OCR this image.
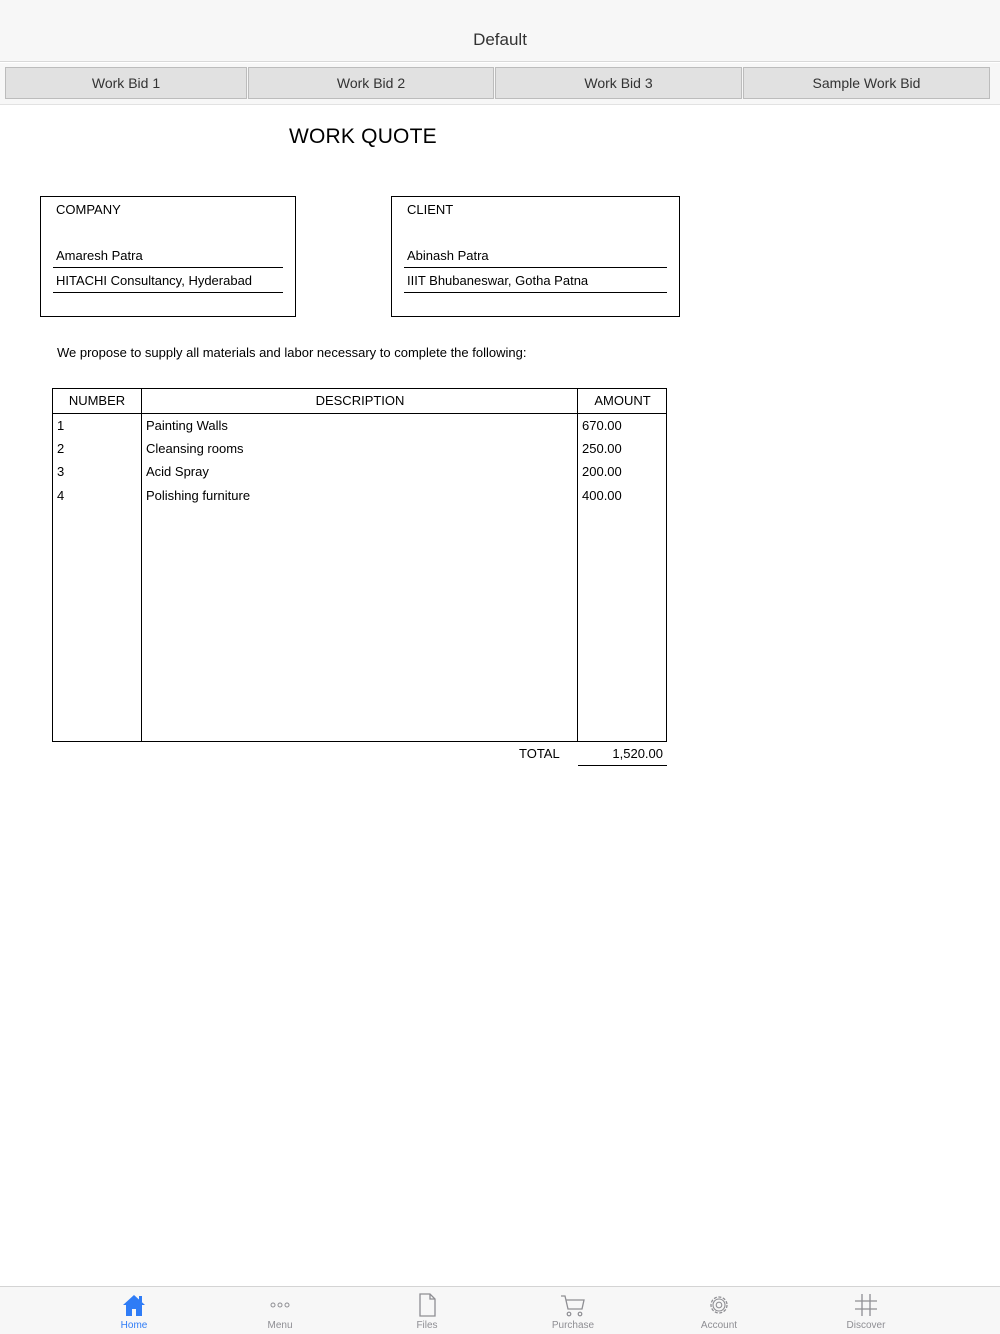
Default
Work Bid 1	Work Bid 2	Work Bid 3	Sample Work Bid
WORK QUOTE
COMPANY
Amaresh Patra
HITACHI Consultancy, Hyderabad
CLIENT
Abinash Patra
IIIT Bhubaneswar, Gotha Patna
We propose to supply all materials and labor necessary to complete the following:
NUMBER	DESCRIPTION	AMOUNT
1	Painting Walls	670.00
2	Cleansing rooms	250.00
3	Acid Spray	200.00
4	Polishing furniture	400.00
TOTAL	1,520.00
Home	Menu	Files	Purchase	Account	Discover
